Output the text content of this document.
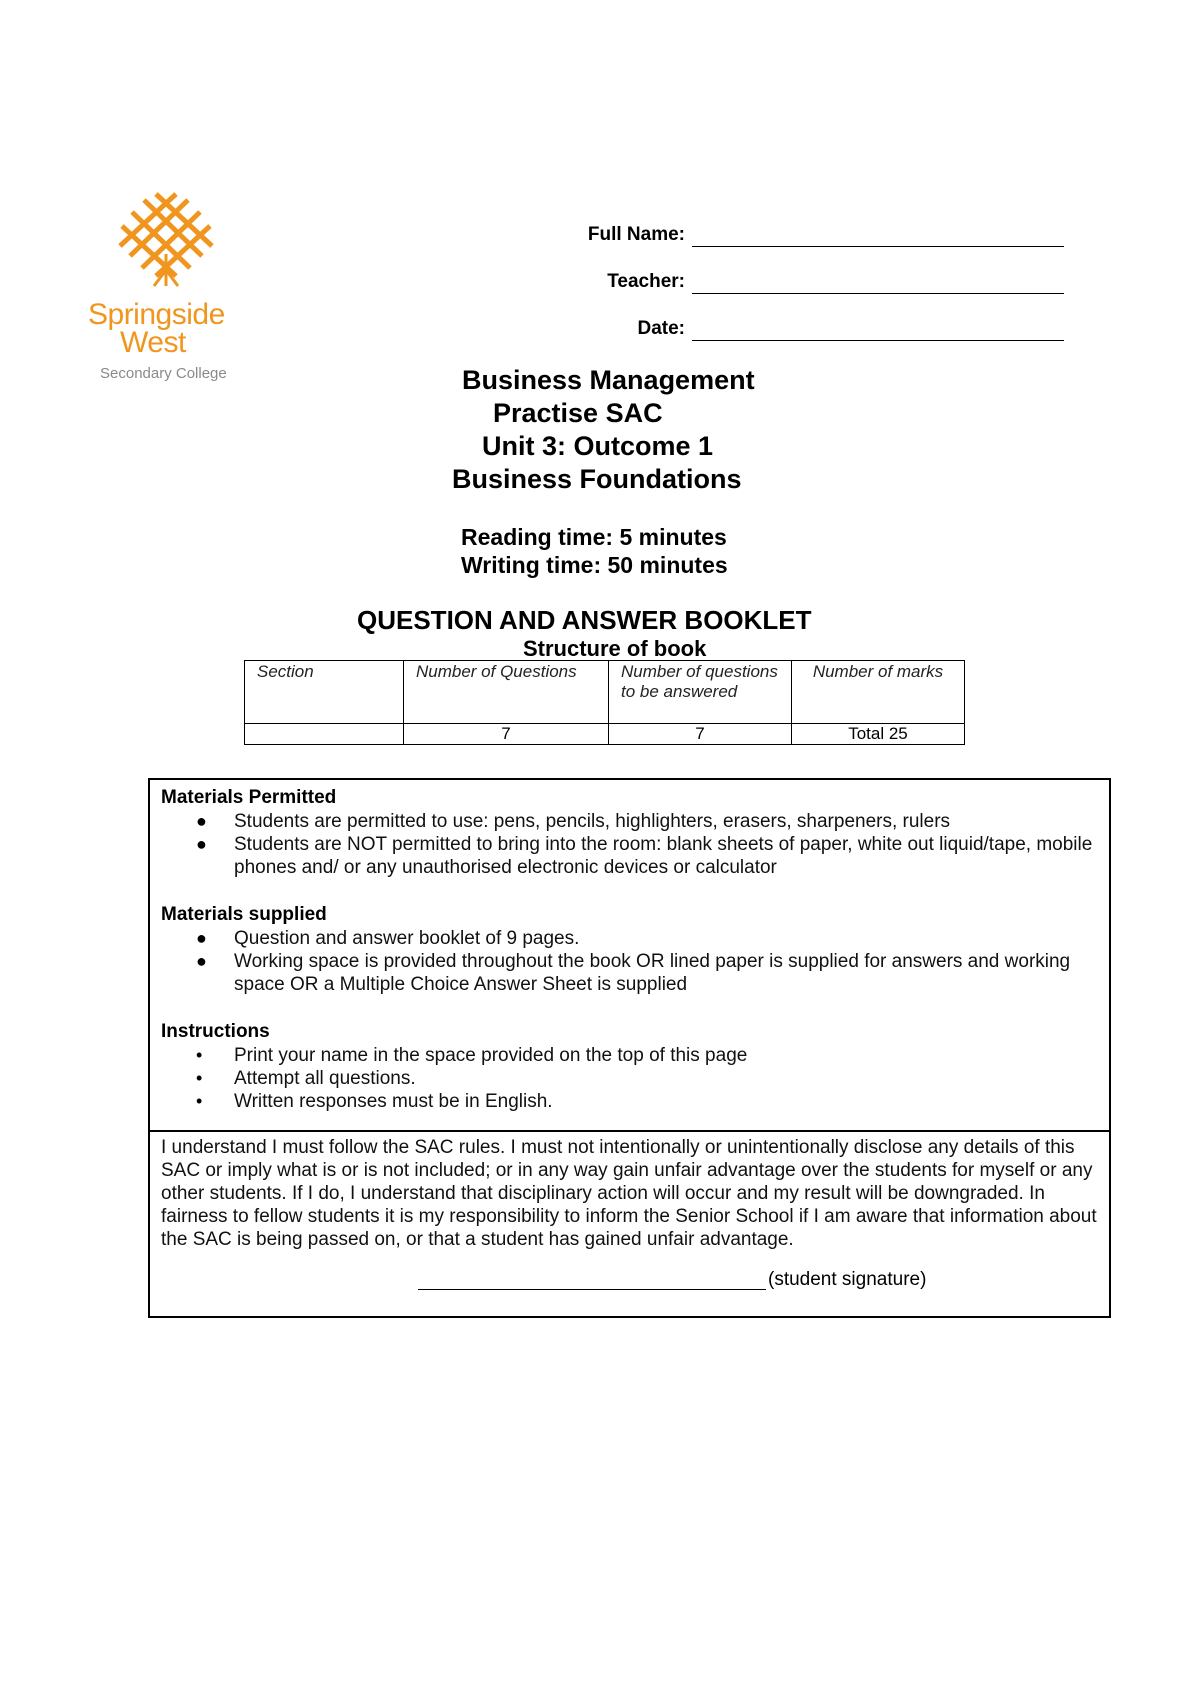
Springside
West
Secondary College
Full Name:
Teacher:
Date:
Business Management
Practise SAC
Unit 3: Outcome 1
Business Foundations
Reading time: 5 minutes
Writing time: 50 minutes
QUESTION AND ANSWER BOOKLET
Structure of book
Section	Number of Questions	Number of questions to be answered	Number of marks
	7	7	Total 25
Materials Permitted
● Students are permitted to use: pens, pencils, highlighters, erasers, sharpeners, rulers
● Students are NOT permitted to bring into the room: blank sheets of paper, white out liquid/tape, mobile phones and/ or any unauthorised electronic devices or calculator
Materials supplied
● Question and answer booklet of 9 pages.
● Working space is provided throughout the book OR lined paper is supplied for answers and working space OR a Multiple Choice Answer Sheet is supplied
Instructions
• Print your name in the space provided on the top of this page
• Attempt all questions.
• Written responses must be in English.
I understand I must follow the SAC rules. I must not intentionally or unintentionally disclose any details of this SAC or imply what is or is not included; or in any way gain unfair advantage over the students for myself or any other students. If I do, I understand that disciplinary action will occur and my result will be downgraded. In fairness to fellow students it is my responsibility to inform the Senior School if I am aware that information about the SAC is being passed on, or that a student has gained unfair advantage.
(student signature)
